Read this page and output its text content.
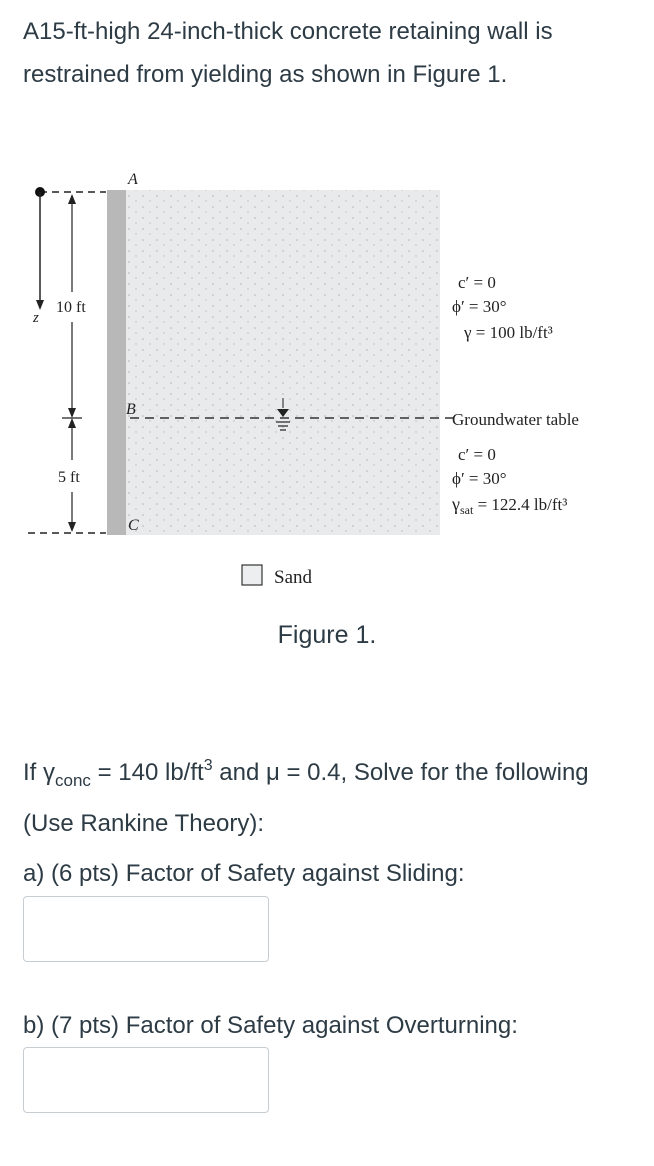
A15-ft-high 24-inch-thick concrete retaining wall is restrained from yielding as shown in Figure 1.

z
10 ft
5 ft
A
B
C
c′ = 0
ϕ′ = 30°
γ = 100 lb/ft³
Groundwater table
c′ = 0
ϕ′ = 30°
$\gamma_{sat} = 122.4$ lb/ft³
Sand
Figure 1.

If $\gamma_{conc} = 140$ $lb/ft^3$ and μ = 0.4, Solve for the following (Use Rankine Theory):

a) (6 pts) Factor of Safety against Sliding:

b) (7 pts) Factor of Safety against Overturning:
